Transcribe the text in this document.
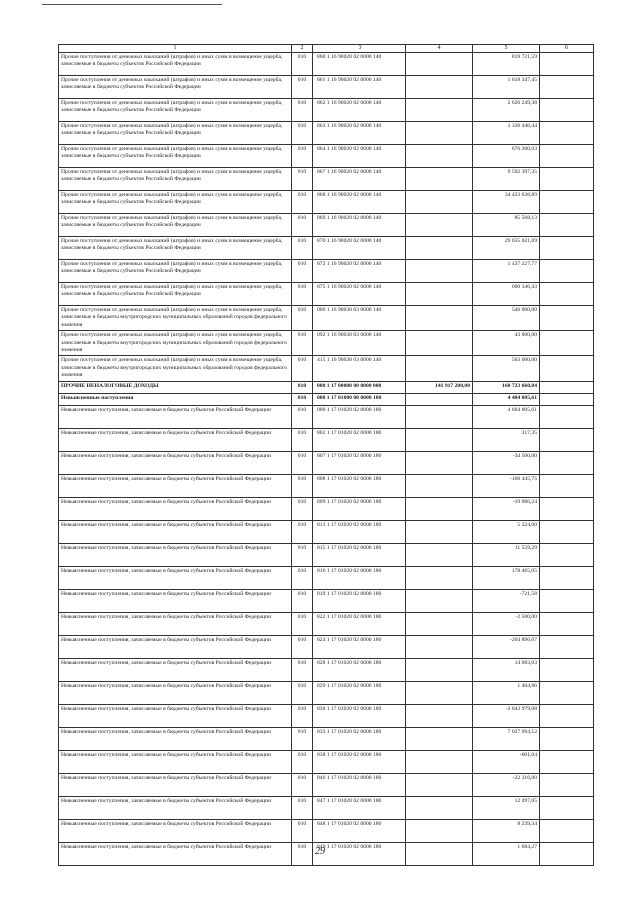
1	2	3	4	5	6
Прочие поступления от денежных взысканий (штрафов) и иных сумм в возмещение ущерба, зачисляемые в бюджеты субъектов Российской Федерации	010	860 1 16 90020 02 0000 140		819 721,59	
Прочие поступления от денежных взысканий (штрафов) и иных сумм в возмещение ущерба, зачисляемые в бюджеты субъектов Российской Федерации	010	861 1 16 90020 02 0000 140		1 618 347,45	
Прочие поступления от денежных взысканий (штрафов) и иных сумм в возмещение ущерба, зачисляемые в бюджеты субъектов Российской Федерации	010	862 1 16 90020 02 0000 140		2 626 249,38	
Прочие поступления от денежных взысканий (штрафов) и иных сумм в возмещение ущерба, зачисляемые в бюджеты субъектов Российской Федерации	010	863 1 16 90020 02 0000 140		1 336 446,44	
Прочие поступления от денежных взысканий (штрафов) и иных сумм в возмещение ущерба, зачисляемые в бюджеты субъектов Российской Федерации	010	864 1 16 90020 02 0000 140		676 300,03	
Прочие поступления от денежных взысканий (штрафов) и иных сумм в возмещение ущерба, зачисляемые в бюджеты субъектов Российской Федерации	010	867 1 16 90020 02 0000 140		9 592 397,35	
Прочие поступления от денежных взысканий (штрафов) и иных сумм в возмещение ущерба, зачисляемые в бюджеты субъектов Российской Федерации	010	868 1 16 90020 02 0000 140		34 423 638,89	
Прочие поступления от денежных взысканий (штрафов) и иных сумм в возмещение ущерба, зачисляемые в бюджеты субъектов Российской Федерации	010	869 1 16 90020 02 0000 140		85 568,13	
Прочие поступления от денежных взысканий (штрафов) и иных сумм в возмещение ущерба, зачисляемые в бюджеты субъектов Российской Федерации	010	870 1 16 90020 02 0000 140		29 655 021,69	
Прочие поступления от денежных взысканий (штрафов) и иных сумм в возмещение ущерба, зачисляемые в бюджеты субъектов Российской Федерации	010	872 1 16 90020 02 0000 140		1 437 227,77	
Прочие поступления от денежных взысканий (штрафов) и иных сумм в возмещение ущерба, зачисляемые в бюджеты субъектов Российской Федерации	010	875 1 16 90020 02 0000 140		690 346,43	
Прочие поступления от денежных взысканий (штрафов) и иных сумм в возмещение ущерба, зачисляемые в бюджеты внутригородских муниципальных образований городов федерального значения	010	000 1 16 90030 03 0000 140		546 000,00	
Прочие поступления от денежных взысканий (штрафов) и иных сумм в возмещение ущерба, зачисляемые в бюджеты внутригородских муниципальных образований городов федерального значения	010	092 1 16 90030 03 0000 140		43 000,00	
Прочие поступления от денежных взысканий (штрафов) и иных сумм в возмещение ущерба, зачисляемые в бюджеты внутригородских муниципальных образований городов федерального значения	010	415 1 16 90030 03 0000 140		503 000,00	
ПРОЧИЕ НЕНАЛОГОВЫЕ ДОХОДЫ	010	000 1 17 00000 00 0000 000	141 917 200,00	160 723 660,84	
Невыясненные поступления	010	000 1 17 01000 00 0000 180		4 484 005,61	
Невыясненные поступления, зачисляемые в бюджеты субъектов Российской Федерации	010	000 1 17 01020 02 0000 180		4 664 005,61	
Невыясненные поступления, зачисляемые в бюджеты субъектов Российской Федерации	010	802 1 17 01020 02 0000 180		317,35	
Невыясненные поступления, зачисляемые в бюджеты субъектов Российской Федерации	010	807 1 17 01020 02 0000 180		-34 500,00	
Невыясненные поступления, зачисляемые в бюджеты субъектов Российской Федерации	010	808 1 17 01020 02 0000 180		-106 445,75	
Невыясненные поступления, зачисляемые в бюджеты субъектов Российской Федерации	010	809 1 17 01020 02 0000 180		-19 086,24	
Невыясненные поступления, зачисляемые в бюджеты субъектов Российской Федерации	010	813 1 17 01020 02 0000 180		5 324,00	
Невыясненные поступления, зачисляемые в бюджеты субъектов Российской Федерации	010	815 1 17 01020 02 0000 180		11 559,29	
Невыясненные поступления, зачисляемые в бюджеты субъектов Российской Федерации	010	816 1 17 01020 02 0000 180		178 465,05	
Невыясненные поступления, зачисляемые в бюджеты субъектов Российской Федерации	010	819 1 17 01020 02 0000 180		-721,58	
Невыясненные поступления, зачисляемые в бюджеты субъектов Российской Федерации	010	822 1 17 01020 02 0000 180		-2 500,00	
Невыясненные поступления, зачисляемые в бюджеты субъектов Российской Федерации	010	824 1 17 01020 02 0000 180		-264 896,07	
Невыясненные поступления, зачисляемые в бюджеты субъектов Российской Федерации	010	828 1 17 01020 02 0000 180		14 083,03	
Невыясненные поступления, зачисляемые в бюджеты субъектов Российской Федерации	010	829 1 17 01020 02 0000 180		1 404,86	
Невыясненные поступления, зачисляемые в бюджеты субъектов Российской Федерации	010	830 1 17 01020 02 0000 180		-2 043 979,08	
Невыясненные поступления, зачисляемые в бюджеты субъектов Российской Федерации	010	833 1 17 01020 02 0000 180		7 027 094,12	
Невыясненные поступления, зачисляемые в бюджеты субъектов Российской Федерации	010	838 1 17 01020 02 0000 180		-601,04	
Невыясненные поступления, зачисляемые в бюджеты субъектов Российской Федерации	010	846 1 17 01020 02 0000 180		-22 316,00	
Невыясненные поступления, зачисляемые в бюджеты субъектов Российской Федерации	010	847 1 17 01020 02 0000 180		12 497,05	
Невыясненные поступления, зачисляемые в бюджеты субъектов Российской Федерации	010	848 1 17 01020 02 0000 180		8 239,34	
Невыясненные поступления, зачисляемые в бюджеты субъектов Российской Федерации	010	849 1 17 01020 02 0000 180		1 684,27	
29
